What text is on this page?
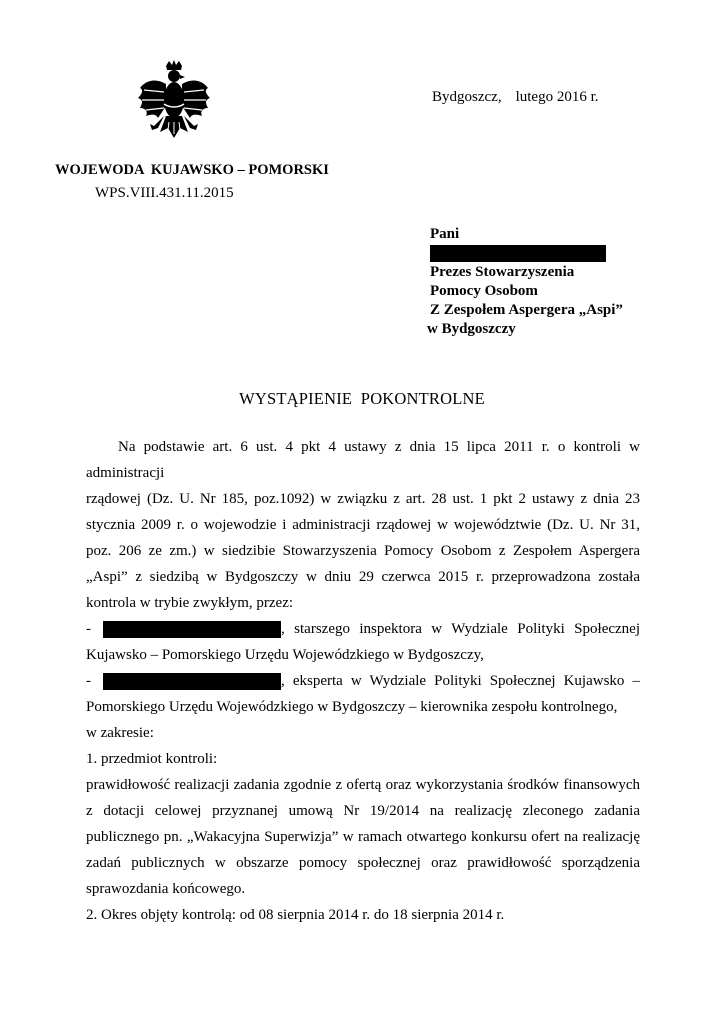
Bydgoszcz, lutego 2016 r.
WOJEWODA  KUJAWSKO – POMORSKI
WPS.VIII.431.11.2015
Pani
Prezes Stowarzyszenia
Pomocy Osobom
Z Zespołem Aspergera „Aspi”
w Bydgoszczy
WYSTĄPIENIE  POKONTROLNE

Na podstawie art. 6 ust. 4 pkt 4 ustawy z dnia 15 lipca 2011 r. o kontroli w administracji

rządowej (Dz. U. Nr 185, poz.1092) w związku z art. 28 ust. 1 pkt 2 ustawy z dnia 23 stycznia 2009 r. o wojewodzie i administracji rządowej w województwie (Dz. U. Nr 31, poz. 206 ze zm.) w siedzibie Stowarzyszenia Pomocy Osobom z Zespołem Aspergera „Aspi” z siedzibą w Bydgoszczy w dniu 29 czerwca 2015 r. przeprowadzona została kontrola w trybie zwykłym, przez:

-	, starszego inspektora w Wydziale Polityki Społecznej

Kujawsko – Pomorskiego Urzędu Wojewódzkiego w Bydgoszczy,

-	, eksperta w Wydziale Polityki Społecznej Kujawsko –

Pomorskiego Urzędu Wojewódzkiego w Bydgoszczy – kierownika zespołu kontrolnego,

w zakresie:

1. przedmiot kontroli:

prawidłowość realizacji zadania zgodnie z ofertą oraz wykorzystania środków finansowych z dotacji celowej przyznanej umową Nr 19/2014 na realizację zleconego zadania publicznego pn. „Wakacyjna Superwizja” w ramach otwartego konkursu ofert na realizację zadań publicznych w obszarze pomocy społecznej oraz prawidłowość sporządzenia sprawozdania końcowego.

2. Okres objęty kontrolą: od 08 sierpnia 2014 r. do 18 sierpnia 2014 r.
